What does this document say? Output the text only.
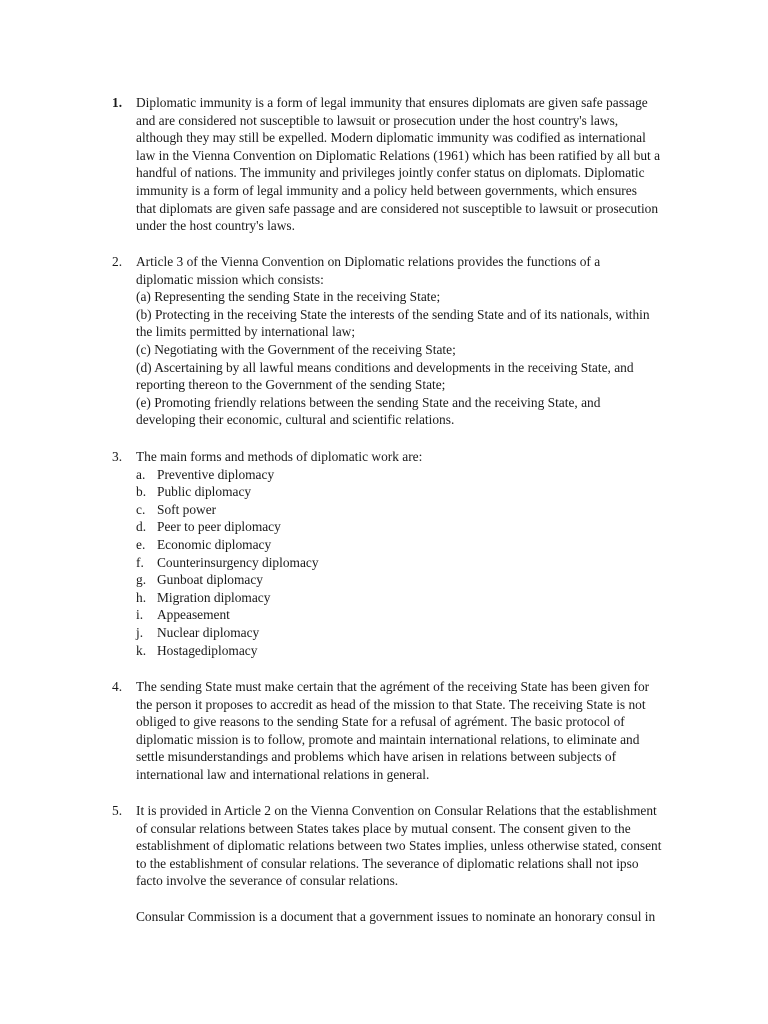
1.	Diplomatic immunity is a form of legal immunity that ensures diplomats are given safe passage
and are considered not susceptible to lawsuit or prosecution under the host country's laws,
although they may still be expelled. Modern diplomatic immunity was codified as international
law in the Vienna Convention on Diplomatic Relations (1961) which has been ratified by all but a
handful of nations. The immunity and privileges jointly confer status on diplomats. Diplomatic
immunity is a form of legal immunity and a policy held between governments, which ensures
that diplomats are given safe passage and are considered not susceptible to lawsuit or prosecution
under the host country's laws.
2.	Article 3 of the Vienna Convention on Diplomatic relations provides the functions of a
diplomatic mission which consists:
(a) Representing the sending State in the receiving State;
(b) Protecting in the receiving State the interests of the sending State and of its nationals, within
the limits permitted by international law;
(c) Negotiating with the Government of the receiving State;
(d) Ascertaining by all lawful means conditions and developments in the receiving State, and
reporting thereon to the Government of the sending State;
(e) Promoting friendly relations between the sending State and the receiving State, and
developing their economic, cultural and scientific relations.
3.	The main forms and methods of diplomatic work are:
a. Preventive diplomacy
b. Public diplomacy
c. Soft power
d. Peer to peer diplomacy
e. Economic diplomacy
f. Counterinsurgency diplomacy
g. Gunboat diplomacy
h. Migration diplomacy
i. Appeasement
j. Nuclear diplomacy
k. Hostagediplomacy
4.	The sending State must make certain that the agrément of the receiving State has been given for
the person it proposes to accredit as head of the mission to that State. The receiving State is not
obliged to give reasons to the sending State for a refusal of agrément. The basic protocol of
diplomatic mission is to follow, promote and maintain international relations, to eliminate and
settle misunderstandings and problems which have arisen in relations between subjects of
international law and international relations in general.
5.	It is provided in Article 2 on the Vienna Convention on Consular Relations that the establishment
of consular relations between States takes place by mutual consent. The consent given to the
establishment of diplomatic relations between two States implies, unless otherwise stated, consent
to the establishment of consular relations. The severance of diplomatic relations shall not ipso
facto involve the severance of consular relations.
Consular Commission is a document that a government issues to nominate an honorary consul in
